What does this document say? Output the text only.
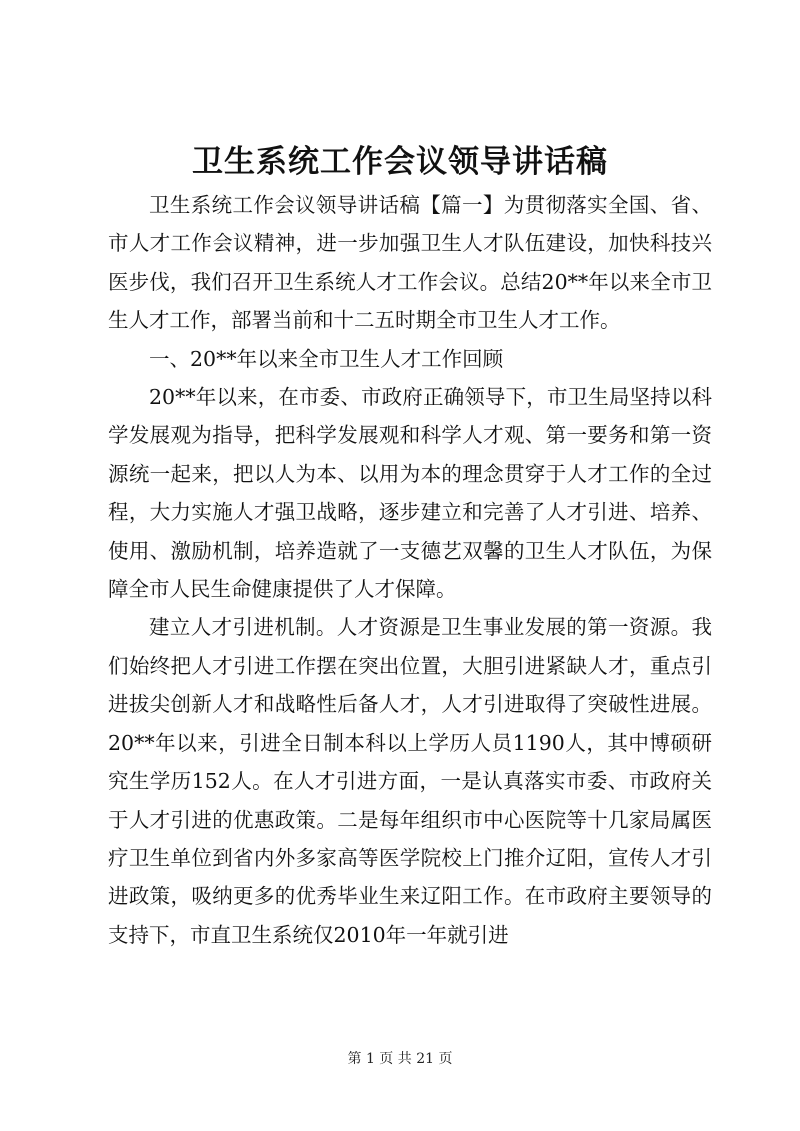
卫生系统工作会议领导讲话稿

卫生系统工作会议领导讲话稿【篇一】为贯彻落实全国、省、市人才工作会议精神，进一步加强卫生人才队伍建设，加快科技兴医步伐，我们召开卫生系统人才工作会议。总结20**年以来全市卫生人才工作，部署当前和十二五时期全市卫生人才工作。

一、20**年以来全市卫生人才工作回顾

20**年以来，在市委、市政府正确领导下，市卫生局坚持以科学发展观为指导，把科学发展观和科学人才观、第一要务和第一资源统一起来，把以人为本、以用为本的理念贯穿于人才工作的全过程，大力实施人才强卫战略，逐步建立和完善了人才引进、培养、使用、激励机制，培养造就了一支德艺双馨的卫生人才队伍，为保障全市人民生命健康提供了人才保障。

建立人才引进机制。人才资源是卫生事业发展的第一资源。我们始终把人才引进工作摆在突出位置，大胆引进紧缺人才，重点引进拔尖创新人才和战略性后备人才，人才引进取得了突破性进展。20**年以来，引进全日制本科以上学历人员1190人，其中博硕研究生学历152人。在人才引进方面，一是认真落实市委、市政府关于人才引进的优惠政策。二是每年组织市中心医院等十几家局属医疗卫生单位到省内外多家高等医学院校上门推介辽阳，宣传人才引进政策，吸纳更多的优秀毕业生来辽阳工作。在市政府主要领导的支持下，市直卫生系统仅2010年一年就引进

第 1 页 共 21 页
